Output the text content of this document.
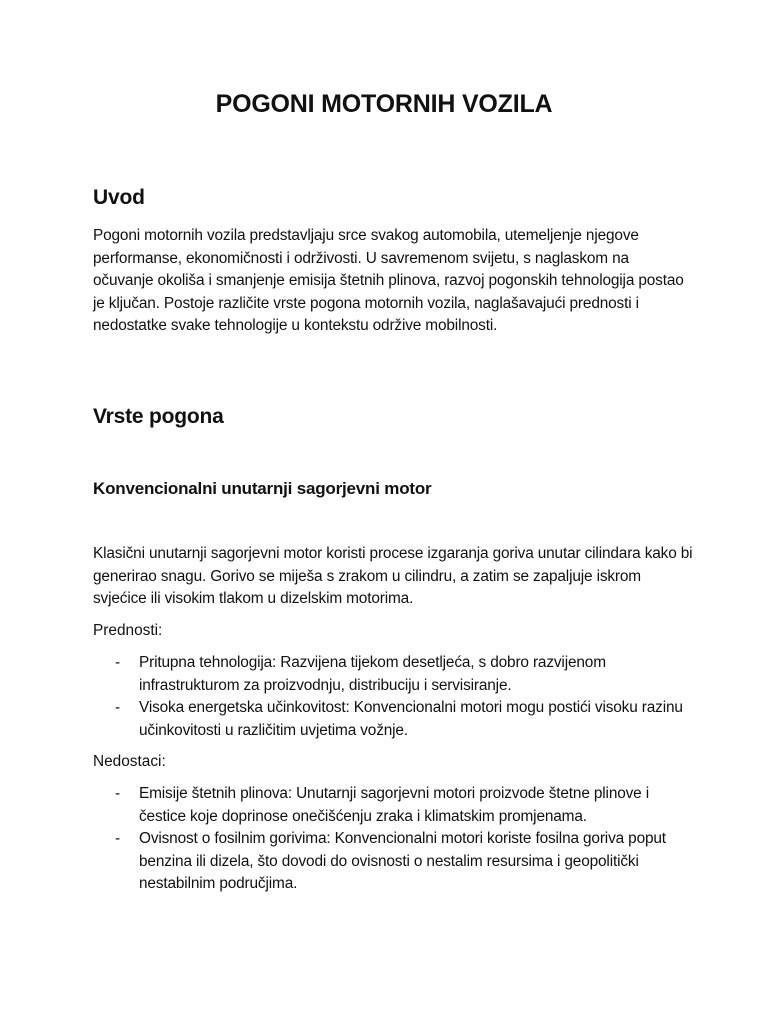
POGONI MOTORNIH VOZILA
Uvod

Pogoni motornih vozila predstavljaju srce svakog automobila, utemeljenje njegove performanse, ekonomičnosti i održivosti. U savremenom svijetu, s naglaskom na očuvanje okoliša i smanjenje emisija štetnih plinova, razvoj pogonskih tehnologija postao je ključan. Postoje različite vrste pogona motornih vozila, naglašavajući prednosti i nedostatke svake tehnologije u kontekstu održive mobilnosti.

Vrste pogona
Konvencionalni unutarnji sagorjevni motor

Klasični unutarnji sagorjevni motor koristi procese izgaranja goriva unutar cilindara kako bi generirao snagu. Gorivo se miješa s zrakom u cilindru, a zatim se zapaljuje iskrom svjećice ili visokim tlakom u dizelskim motorima.

Prednosti:

- Pritupna tehnologija: Razvijena tijekom desetljeća, s dobro razvijenom infrastrukturom za proizvodnju, distribuciju i servisiranje.
- Visoka energetska učinkovitost: Konvencionalni motori mogu postići visoku razinu učinkovitosti u različitim uvjetima vožnje.

Nedostaci:

- Emisije štetnih plinova: Unutarnji sagorjevni motori proizvode štetne plinove i čestice koje doprinose onečišćenju zraka i klimatskim promjenama.
- Ovisnost o fosilnim gorivima: Konvencionalni motori koriste fosilna goriva poput benzina ili dizela, što dovodi do ovisnosti o nestalim resursima i geopolitički nestabilnim područjima.
